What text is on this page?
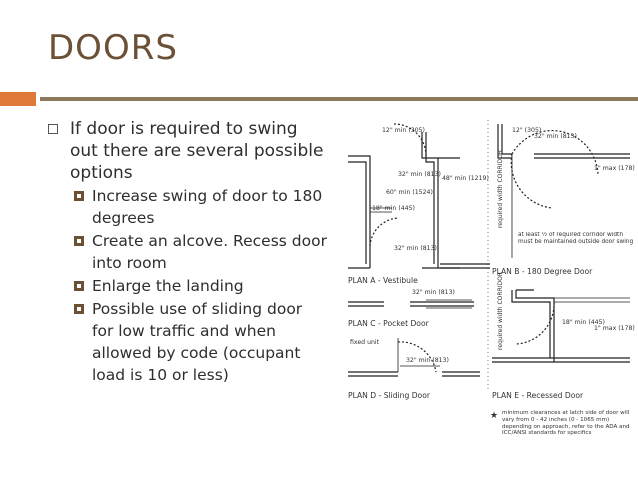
DOORS
If door is required to swing out there are several possible options
Increase swing of door to 180 degrees
Create an alcove. Recess door into room
Enlarge the landing
Possible use of sliding door for low traffic and when allowed by code (occupant load is 10 or less)
12" min (305)
32" min (813)
48" min (1219)
60" min (1524)
18" min (445)
32" min (813)
12" (305)
32" min (813)
1" max (178)
32" min (813)
32" min (813)
18" min (445)
1" max (178)
fixed unit
required width CORRIDOR
required width CORRIDOR
at least ½ of required corridor width must be maintained outside door swing
PLAN A - Vestibule
PLAN B - 180 Degree Door
PLAN C - Pocket Door
PLAN D - Sliding Door	PLAN E - Recessed Door
★ minimum clearances at latch side of door will vary from 0 - 42 inches (0 - 1065 mm) depending on approach, refer to the ADA and ICC/ANSI standards for specifics
